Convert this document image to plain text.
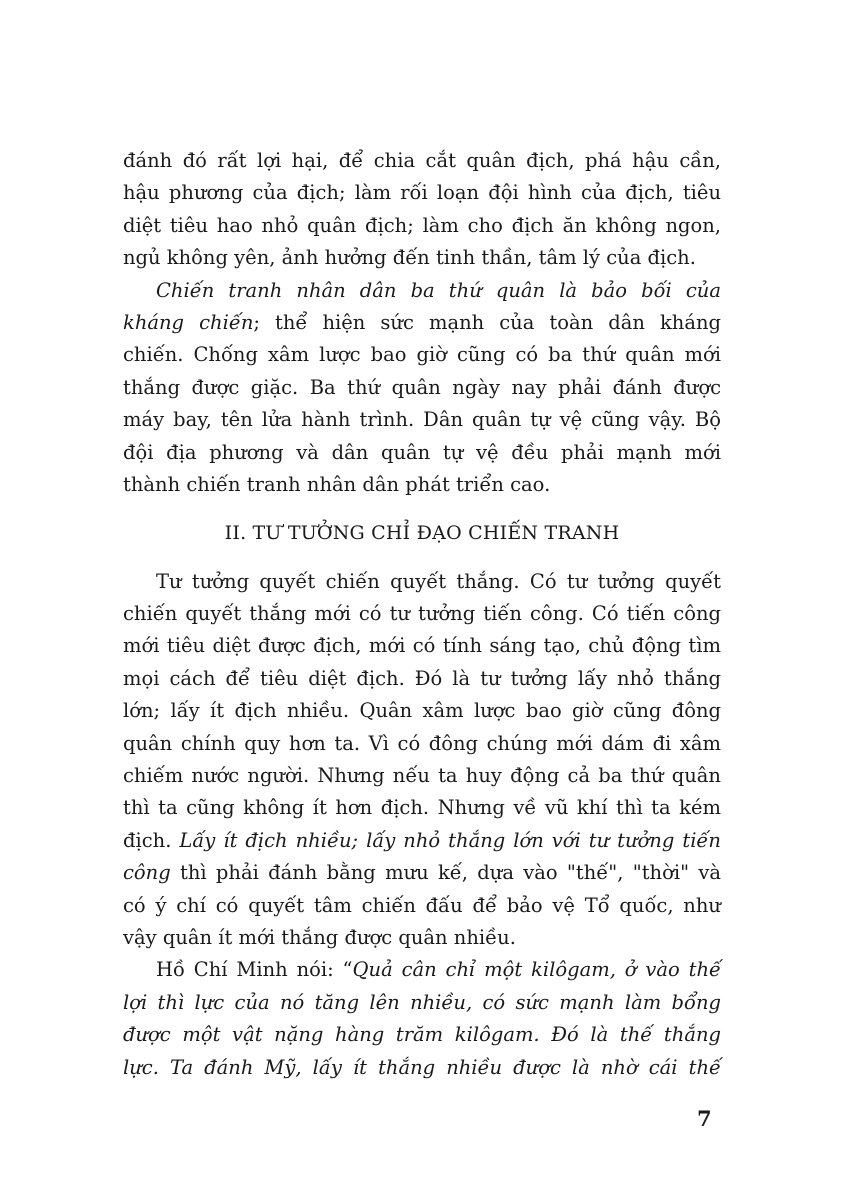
đánh đó rất lợi hại, để chia cắt quân địch, phá hậu cần,
hậu phương của địch; làm rối loạn đội hình của địch, tiêu
diệt tiêu hao nhỏ quân địch; làm cho địch ăn không ngon,
ngủ không yên, ảnh hưởng đến tinh thần, tâm lý của địch.
Chiến tranh nhân dân ba thứ quân là bảo bối của
kháng chiến; thể hiện sức mạnh của toàn dân kháng
chiến. Chống xâm lược bao giờ cũng có ba thứ quân mới
thắng được giặc. Ba thứ quân ngày nay phải đánh được
máy bay, tên lửa hành trình. Dân quân tự vệ cũng vậy. Bộ
đội địa phương và dân quân tự vệ đều phải mạnh mới
thành chiến tranh nhân dân phát triển cao.
II. TƯ TƯỞNG CHỈ ĐẠO CHIẾN TRANH
Tư tưởng quyết chiến quyết thắng. Có tư tưởng quyết
chiến quyết thắng mới có tư tưởng tiến công. Có tiến công
mới tiêu diệt được địch, mới có tính sáng tạo, chủ động tìm
mọi cách để tiêu diệt địch. Đó là tư tưởng lấy nhỏ thắng
lớn; lấy ít địch nhiều. Quân xâm lược bao giờ cũng đông
quân chính quy hơn ta. Vì có đông chúng mới dám đi xâm
chiếm nước người. Nhưng nếu ta huy động cả ba thứ quân
thì ta cũng không ít hơn địch. Nhưng về vũ khí thì ta kém
địch. Lấy ít địch nhiều; lấy nhỏ thắng lớn với tư tưởng tiến
công thì phải đánh bằng mưu kế, dựa vào "thế", "thời" và
có ý chí có quyết tâm chiến đấu để bảo vệ Tổ quốc, như
vậy quân ít mới thắng được quân nhiều.
Hồ Chí Minh nói: “Quả cân chỉ một kilôgam, ở vào thế
lợi thì lực của nó tăng lên nhiều, có sức mạnh làm bổng
được một vật nặng hàng trăm kilôgam. Đó là thế thắng
lực. Ta đánh Mỹ, lấy ít thắng nhiều được là nhờ cái thế
7
